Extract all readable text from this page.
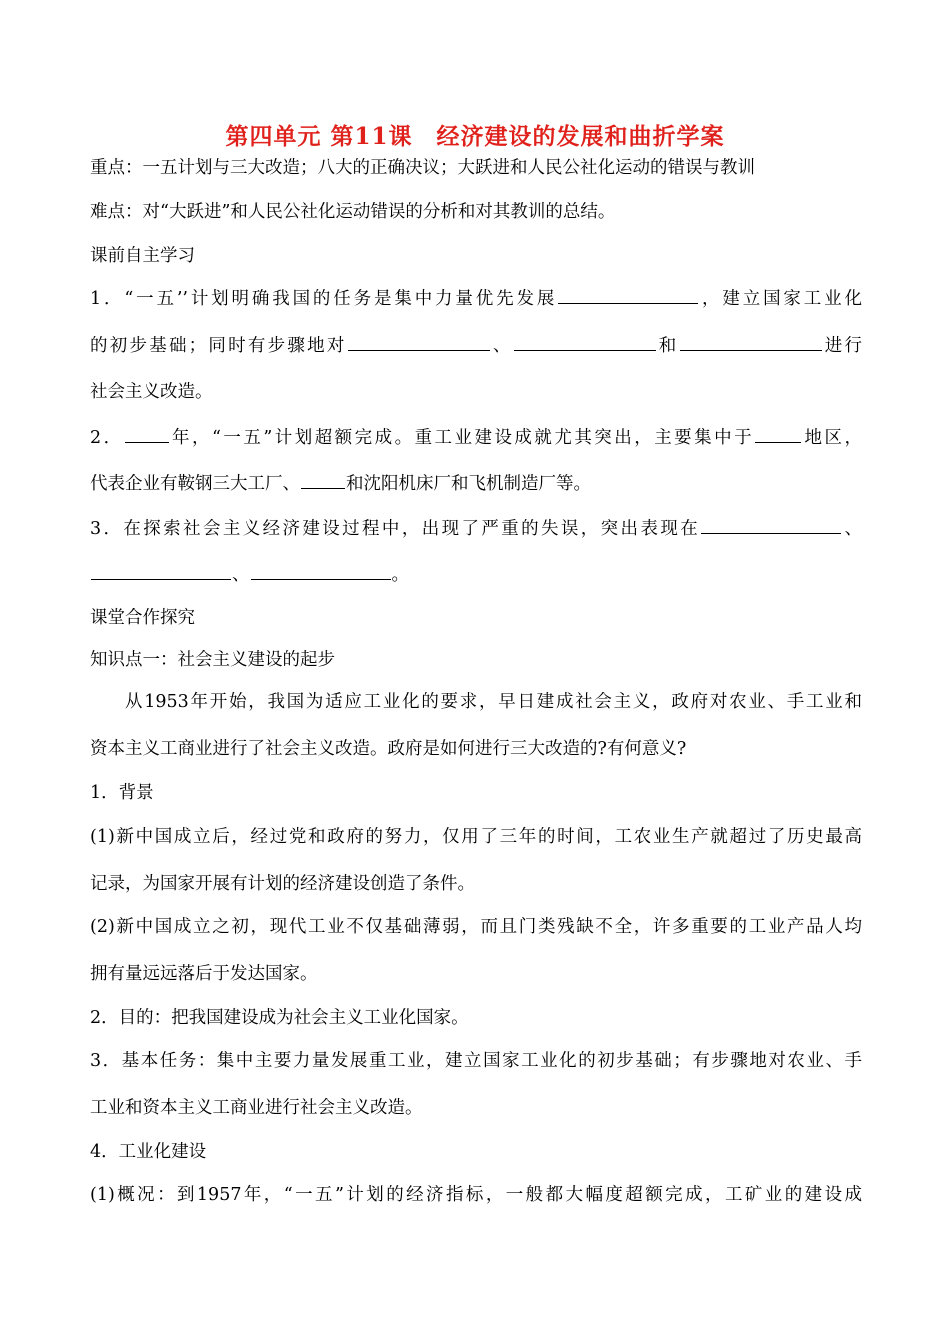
第四单元 第11课　经济建设的发展和曲折学案
重点：一五计划与三大改造；八大的正确决议；大跃进和人民公社化运动的错误与教训
难点：对“大跃进”和人民公社化运动错误的分析和对其教训的总结。
课前自主学习
1．“一五’’计划明确我国的任务是集中力量优先发展	，建立国家工业化
的初步基础；同时有步骤地对	、	和	进行
社会主义改造。
2．	年，“一五”计划超额完成。重工业建设成就尤其突出，主要集中于	地区，
代表企业有鞍钢三大工厂、	和沈阳机床厂和飞机制造厂等。
3．在探索社会主义经济建设过程中，出现了严重的失误，突出表现在	、
、	。
课堂合作探究
知识点一：社会主义建设的起步
从1953年开始，我国为适应工业化的要求，早日建成社会主义，政府对农业、手工业和
资本主义工商业进行了社会主义改造。政府是如何进行三大改造的?有何意义?
1．背景
(1)新中国成立后，经过党和政府的努力，仅用了三年的时间，工农业生产就超过了历史最高
记录，为国家开展有计划的经济建设创造了条件。
(2)新中国成立之初，现代工业不仅基础薄弱，而且门类残缺不全，许多重要的工业产品人均
拥有量远远落后于发达国家。
2．目的：把我国建设成为社会主义工业化国家。
3．基本任务：集中主要力量发展重工业，建立国家工业化的初步基础；有步骤地对农业、手
工业和资本主义工商业进行社会主义改造。
4．工业化建设
(1)概况：到1957年，“一五”计划的经济指标，一般都大幅度超额完成，工矿业的建设成
